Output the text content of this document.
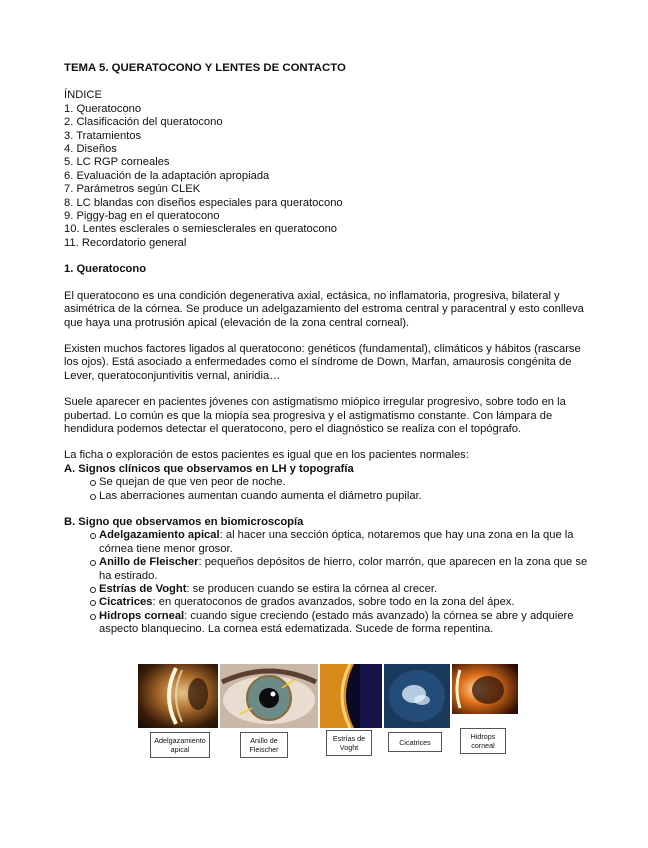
TEMA 5. QUERATOCONO Y LENTES DE CONTACTO
ÍNDICE
1. Queratocono
2. Clasificación del queratocono
3. Tratamientos
4. Diseños
5. LC RGP corneales
6. Evaluación de la adaptación apropiada
7. Parámetros según CLEK
8. LC blandas con diseños especiales para queratocono
9. Piggy-bag en el queratocono
10. Lentes esclerales o semiesclerales en queratocono
11. Recordatorio general
1. Queratocono

El queratocono es una condición degenerativa axial, ectásica, no inflamatoria, progresiva, bilateral y asimétrica de la córnea. Se produce un adelgazamiento del estroma central y paracentral y esto conlleva que haya una protrusión apical (elevación de la zona central corneal).

Existen muchos factores ligados al queratocono: genéticos (fundamental), climáticos y hábitos (rascarse los ojos). Está asociado a enfermedades como el síndrome de Down, Marfan, amaurosis congénita de Lever, queratoconjuntivitis vernal, aniridia…

Suele aparecer en pacientes jóvenes con astigmatismo miópico irregular progresivo, sobre todo en la pubertad. Lo común es que la miopía sea progresiva y el astigmatismo constante. Con lámpara de hendidura podemos detectar el queratocono, pero el diagnóstico se realiza con el topógrafo.

La ficha o exploración de estos pacientes es igual que en los pacientes normales:

A. Signos clínicos que observamos en LH y topografía
Se quejan de que ven peor de noche.
Las aberraciones aumentan cuando aumenta el diámetro pupilar.
B. Signo que observamos en biomicroscopía
Adelgazamiento apical: al hacer una sección óptica, notaremos que hay una zona en la que la córnea tiene menor grosor.
Anillo de Fleischer: pequeños depósitos de hierro, color marrón, que aparecen en la zona que se ha estirado.
Estrías de Voght: se producen cuando se estira la córnea al crecer.
Cicatrices: en queratoconos de grados avanzados, sobre todo en la zona del ápex.
Hidrops corneal: cuando sigue creciendo (estado más avanzado) la córnea se abre y adquiere aspecto blanquecino. La cornea está edematizada. Sucede de forma repentina.
Adelgazamiento apical
Anillo de Fleischer
Estrías de Voght
Cicatrices
Hidrops corneal
